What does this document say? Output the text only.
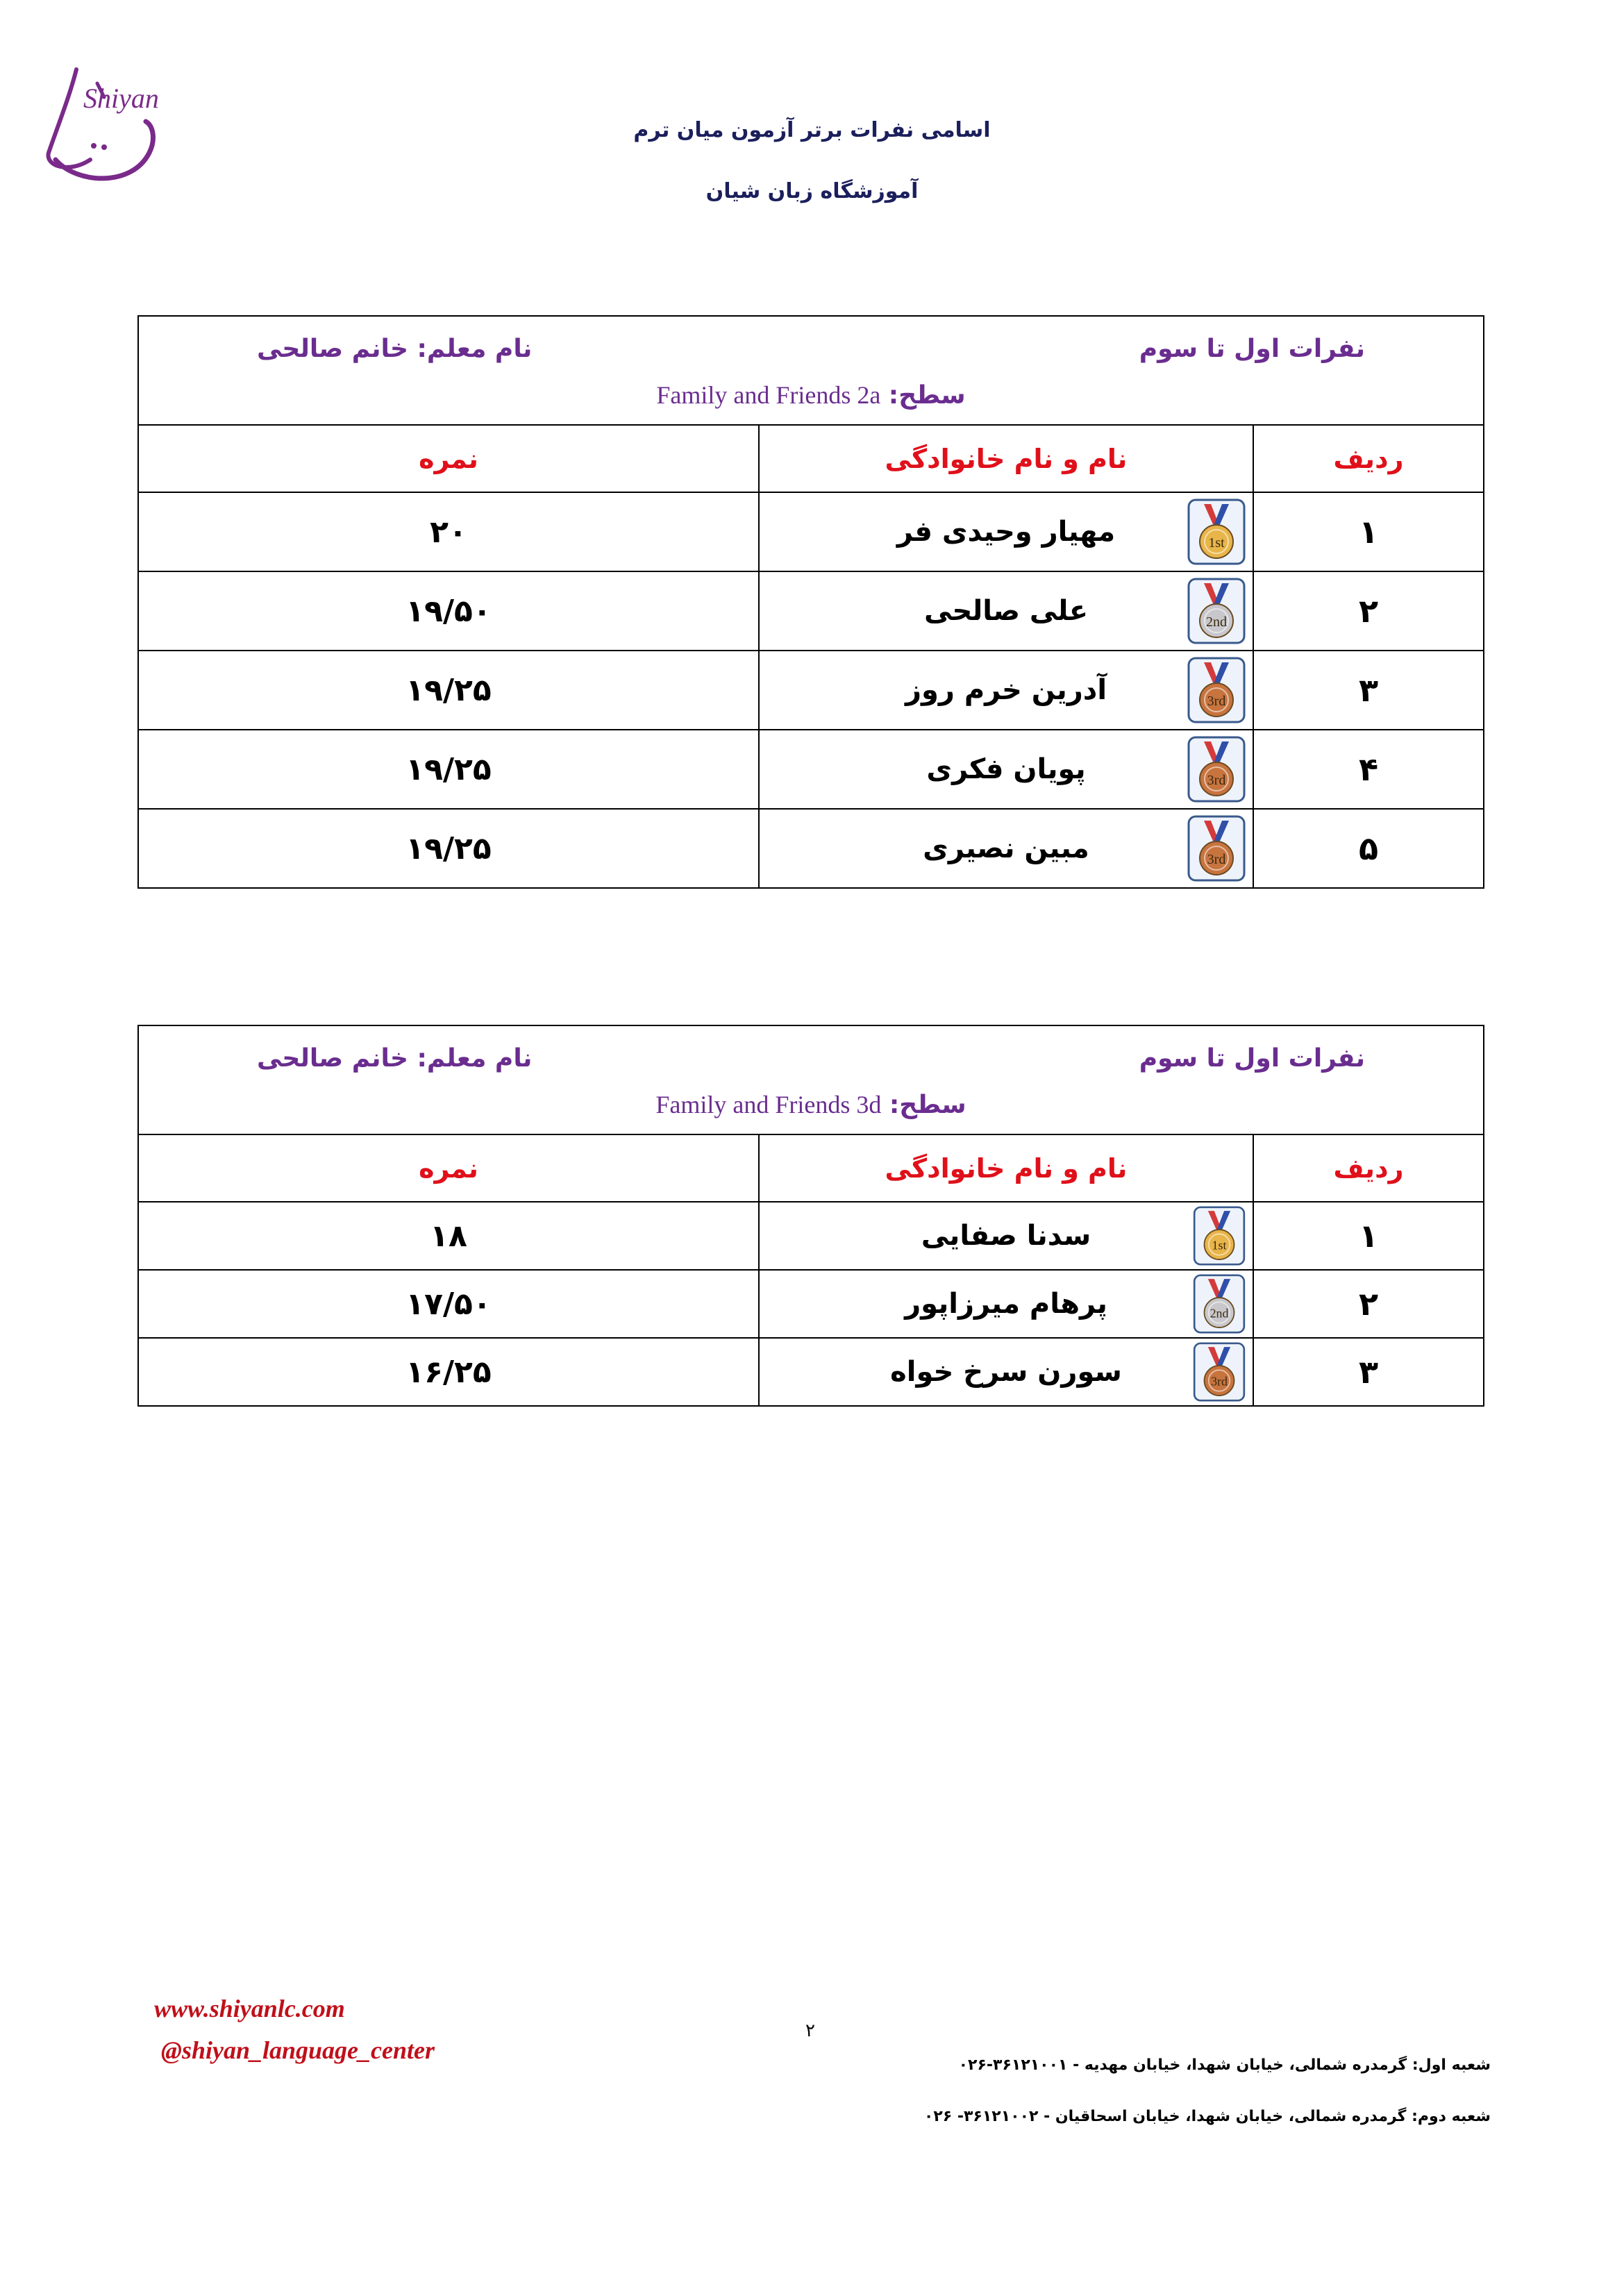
Shiyan
اسامی نفرات برتر آزمون میان ترم
آموزشگاه زبان شیان
نفرات اول تا سوم
نام معلم: خانم صالحی
سطح: Family and Friends 2a		

ردیف	نام و نام خانوادگی	نمره
۱	مهیار وحیدی فر 1st	۲۰
۲	علی صالحی 2nd	۱۹/۵۰
۳	آدرین خرم روز 3rd	۱۹/۲۵
۴	پویان فکری 3rd	۱۹/۲۵
۵	مبین نصیری 3rd	۱۹/۲۵
نفرات اول تا سوم
نام معلم: خانم صالحی
سطح: Family and Friends 3d		

ردیف	نام و نام خانوادگی	نمره
۱	سدنا صفایی 1st	۱۸
۲	پرهام میرزاپور 2nd	۱۷/۵۰
۳	سورن سرخ خواه 3rd	۱۶/۲۵
www.shiyanlc.com
@shiyan_language_center
۲
شعبه اول: گرمدره شمالی، خیابان شهدا، خیابان مهدیه - ۳۶۱۲۱۰۰۱-۰۲۶
شعبه دوم: گرمدره شمالی، خیابان شهدا، خیابان اسحاقیان - ۳۶۱۲۱۰۰۲- ۰۲۶
